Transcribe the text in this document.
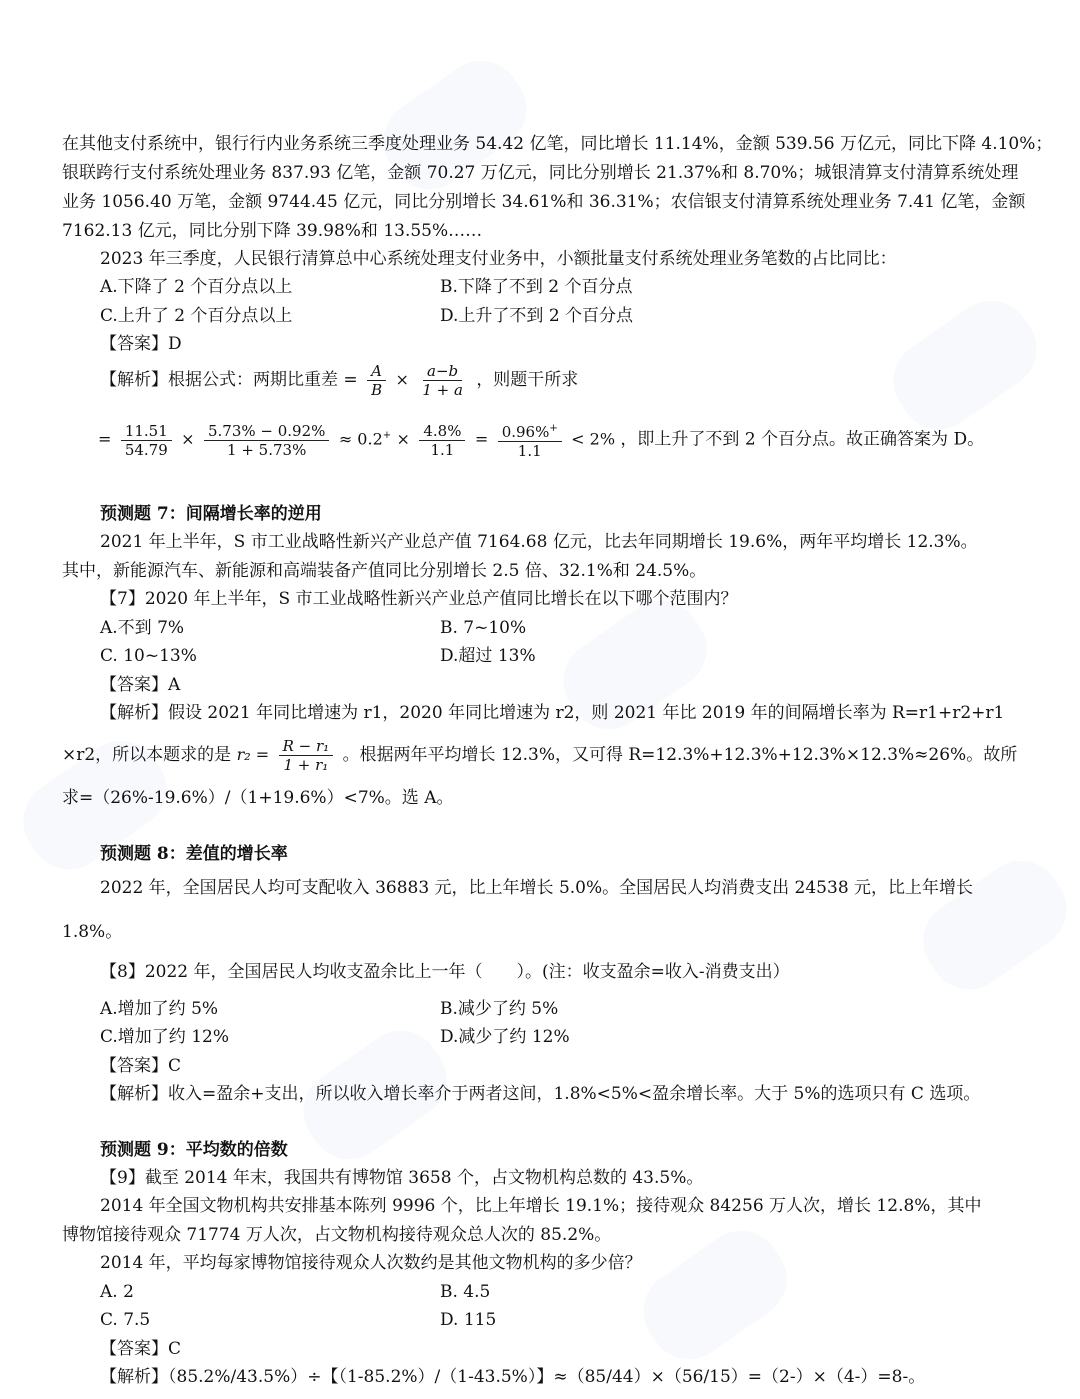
在其他支付系统中，银行行内业务系统三季度处理业务 54.42 亿笔，同比增长 11.14%，金额 539.56 万亿元，同比下降 4.10%；
银联跨行支付系统处理业务 837.93 亿笔，金额 70.27 万亿元，同比分别增长 21.37%和 8.70%；城银清算支付清算系统处理
业务 1056.40 万笔，金额 9744.45 亿元，同比分别增长 34.61%和 36.31%；农信银支付清算系统处理业务 7.41 亿笔，金额
7162.13 亿元，同比分别下降 39.98%和 13.55%……
2023 年三季度，人民银行清算总中心系统处理支付业务中，小额批量支付系统处理业务笔数的占比同比：
A.下降了 2 个百分点以上	B.下降了不到 2 个百分点
C.上升了 2 个百分点以上	D.上升了不到 2 个百分点
【答案】D
【解析】根据公式：两期比重差 = $\frac{A}{B} \times \frac{a-b}{1 + a}$ ，则题干所求
= $\frac{11.51}{54.79} \times \frac{5.73\% - 0.92\%}{1 + 5.73\%} \approx 0.2^+ \times \frac{4.8\%}{1.1} = \frac{0.96\%^+}{1.1} < 2\%$ ，即上升了不到 2 个百分点。故正确答案为 D。
预测题 7：间隔增长率的逆用
2021 年上半年，S 市工业战略性新兴产业总产值 7164.68 亿元，比去年同期增长 19.6%，两年平均增长 12.3%。
其中，新能源汽车、新能源和高端装备产值同比分别增长 2.5 倍、32.1%和 24.5%。
【7】2020 年上半年，S 市工业战略性新兴产业总产值同比增长在以下哪个范围内？
A.不到 7%	B. 7~10%
C. 10~13%	D.超过 13%
【答案】A
【解析】假设 2021 年同比增速为 r1，2020 年同比增速为 r2，则 2021 年比 2019 年的间隔增长率为 R=r1+r2+r1
×r2，所以本题求的是 $r_2 = \frac{\text{R − r₁}}{\text{1 + r₁}}$ 。根据两年平均增长 12.3%，又可得 R=12.3%+12.3%+12.3%×12.3%≈26%。故所
求=（26%-19.6%）/（1+19.6%）<7%。选 A。
预测题 8：差值的增长率
2022 年，全国居民人均可支配收入 36883 元，比上年增长 5.0%。全国居民人均消费支出 24538 元，比上年增长
1.8%。
【8】2022 年，全国居民人均收支盈余比上一年（　　）。(注：收支盈余=收入-消费支出）
A.增加了约 5%	B.减少了约 5%
C.增加了约 12%	D.减少了约 12%
【答案】C
【解析】收入=盈余+支出，所以收入增长率介于两者这间，1.8%<5%<盈余增长率。大于 5%的选项只有 C 选项。
预测题 9：平均数的倍数
【9】截至 2014 年末，我国共有博物馆 3658 个，占文物机构总数的 43.5%。
2014 年全国文物机构共安排基本陈列 9996 个，比上年增长 19.1%；接待观众 84256 万人次，增长 12.8%，其中
博物馆接待观众 71774 万人次，占文物机构接待观众总人次的 85.2%。
2014 年，平均每家博物馆接待观众人次数约是其他文物机构的多少倍？
A. 2	B. 4.5
C. 7.5	D. 115
【答案】C
【解析】（85.2%/43.5%）÷【（1-85.2%）/（1-43.5%）】≈（85/44）×（56/15）=（2-）×（4-）=8-。
